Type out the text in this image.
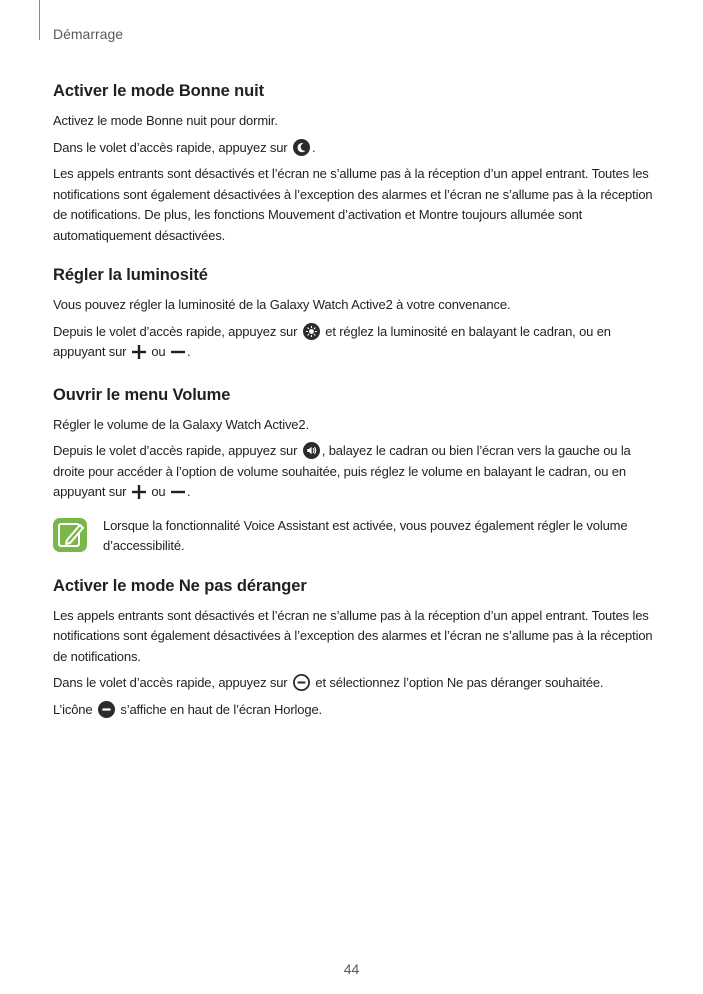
Démarrage
Activer le mode Bonne nuit

Activez le mode Bonne nuit pour dormir.

Dans le volet d’accès rapide, appuyez sur .

Les appels entrants sont désactivés et l’écran ne s’allume pas à la réception d’un appel entrant. Toutes les notifications sont également désactivées à l’exception des alarmes et l’écran ne s’allume pas à la réception de notifications. De plus, les fonctions Mouvement d’activation et Montre toujours allumée sont automatiquement désactivées.

Régler la luminosité

Vous pouvez régler la luminosité de la Galaxy Watch Active2 à votre convenance.

Depuis le volet d’accès rapide, appuyez sur et réglez la luminosité en balayant le cadran, ou en appuyant sur ou .

Ouvrir le menu Volume

Régler le volume de la Galaxy Watch Active2.

Depuis le volet d’accès rapide, appuyez sur , balayez le cadran ou bien l’écran vers la gauche ou la droite pour accéder à l’option de volume souhaitée, puis réglez le volume en balayant le cadran, ou en appuyant sur ou .

Lorsque la fonctionnalité Voice Assistant est activée, vous pouvez également régler le volume d’accessibilité.

Activer le mode Ne pas déranger

Les appels entrants sont désactivés et l’écran ne s’allume pas à la réception d’un appel entrant. Toutes les notifications sont également désactivées à l’exception des alarmes et l’écran ne s’allume pas à la réception de notifications.

Dans le volet d’accès rapide, appuyez sur et sélectionnez l’option Ne pas déranger souhaitée.

L’icône s’affiche en haut de l’écran Horloge.

44
